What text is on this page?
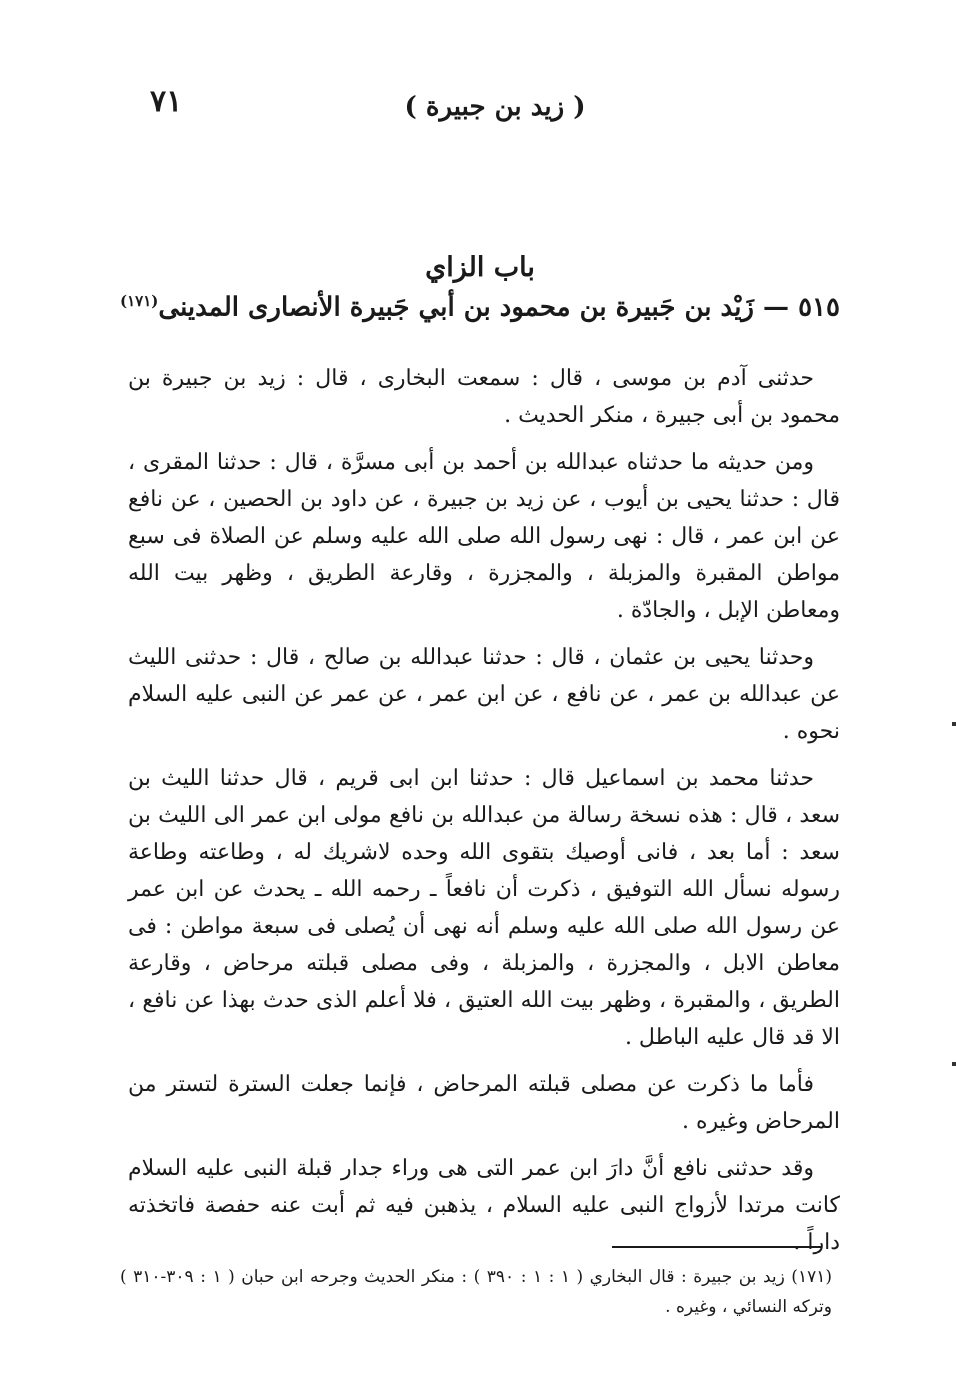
٧١	( زيد بن جبيرة )
باب الزاي
٥١٥ — زَيْد بن جَبيرة بن محمود بن أبي جَبيرة الأنصارى المدينى$^{(١٧١)}$

حدثنى آدم بن موسى ، قال : سمعت البخارى ، قال : زيد بن جبيرة بن محمود بن أبى جبيرة ، منكر الحديث .

ومن حديثه ما حدثناه عبدالله بن أحمد بن أبى مسرَّة ، قال : حدثنا المقرى ، قال : حدثنا يحيى بن أيوب ، عن زيد بن جبيرة ، عن داود بن الحصين ، عن نافع عن ابن عمر ، قال : نهى رسول الله صلى الله عليه وسلم عن الصلاة فى سبع مواطن المقبرة والمزبلة ، والمجزرة ، وقارعة الطريق ، وظهر بيت الله ومعاطن الإبل ، والجادّة .

وحدثنا يحيى بن عثمان ، قال : حدثنا عبدالله بن صالح ، قال : حدثنى الليث عن عبدالله بن عمر ، عن نافع ، عن ابن عمر ، عن عمر عن النبى عليه السلام نحوه .

حدثنا محمد بن اسماعيل قال : حدثنا ابن ابى قريم ، قال حدثنا الليث بن سعد ، قال : هذه نسخة رسالة من عبدالله بن نافع مولى ابن عمر الى الليث بن سعد : أما بعد ، فانى أوصيك بتقوى الله وحده لاشريك له ، وطاعته وطاعة رسوله نسأل الله التوفيق ، ذكرت أن نافعاً ـ رحمه الله ـ يحدث عن ابن عمر عن رسول الله صلى الله عليه وسلم أنه نهى أن يُصلى فى سبعة مواطن : فى معاطن الابل ، والمجزرة ، والمزبلة ، وفى مصلى قبلته مرحاض ، وقارعة الطريق ، والمقبرة ، وظهر بيت الله العتيق ، فلا أعلم الذى حدث بهذا عن نافع ، الا قد قال عليه الباطل .

فأما ما ذكرت عن مصلى قبلته المرحاض ، فإنما جعلت السترة لتستر من المرحاض وغيره .

وقد حدثنى نافع أنَّ دارَ ابن عمر التى هى وراء جدار قبلة النبى عليه السلام كانت مرتدا لأزواج النبى عليه السلام ، يذهبن فيه ثم أبت عنه حفصة فاتخذته داراً .

(١٧١) زيد بن جبيرة : قال البخاري ( ١ : ١ : ٣٩٠ ) : منكر الحديث وجرحه ابن حبان ( ١ : ٣٠٩-٣١٠ ) وتركه النسائي ، وغيره .
